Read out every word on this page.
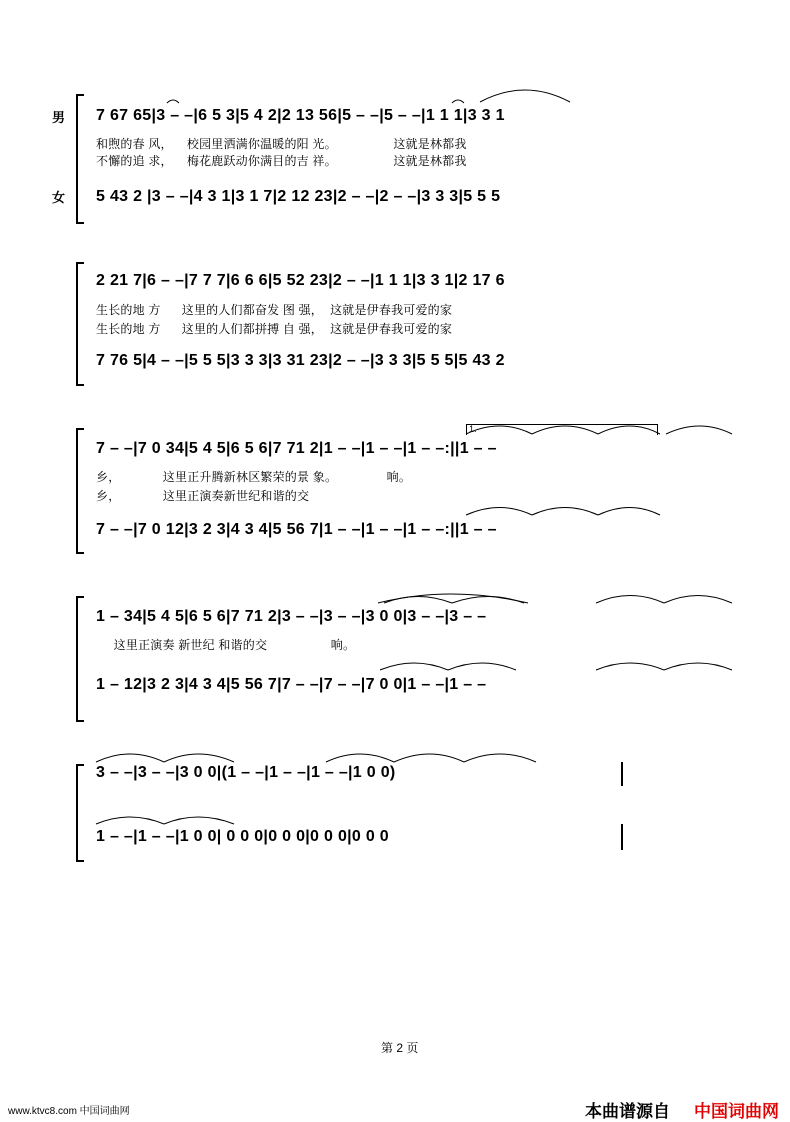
男
女
7 67 65|3 – –|6 5 3|5 4 2|2 13 56|5 – –|5 – –|1 1 1|3 3 1
和煦的春 风，    校园里洒满你温暖的阳 光。                这就是林都我
不懈的追 求，    梅花鹿跃动你满目的吉 祥。                这就是林都我
5 43 2 |3 – –|4 3 1|3 1 7|2 12 23|2 – –|2 – –|3 3 3|5 5 5
2 21 7|6 – –|7 7 7|6 6 6|5 52 23|2 – –|1 1 1|3 3 1|2 17 6
生长的地 方      这里的人们都奋发 图 强，  这就是伊春我可爱的家
生长的地 方      这里的人们都拼搏 自 强，  这就是伊春我可爱的家
7 76 5|4 – –|5 5 5|3 3 3|3 31 23|2 – –|3 3 3|5 5 5|5 43 2
1.
7 – –|7 0 34|5 4 5|6 5 6|7 71 2|1 – –|1 – –|1 – –:||1 – –
乡，            这里正升腾新林区繁荣的景 象。              响。
乡，            这里正演奏新世纪和谐的交
7 – –|7 0 12|3 2 3|4 3 4|5 56 7|1 – –|1 – –|1 – –:||1 – –
1 – 34|5 4 5|6 5 6|7 71 2|3 – –|3 – –|3 0 0|3 – –|3 – –
这里正演奏 新世纪 和谐的交                  响。
1 – 12|3 2 3|4 3 4|5 56 7|7 – –|7 – –|7 0 0|1 – –|1 – –
3 – –|3 – –|3 0 0|(1 – –|1 – –|1 – –|1 0 0)
1 – –|1 – –|1 0 0| 0 0 0|0 0 0|0 0 0|0 0 0
第 2 页
www.ktvc8.com 中国词曲网	本曲谱源自 中国词曲网
